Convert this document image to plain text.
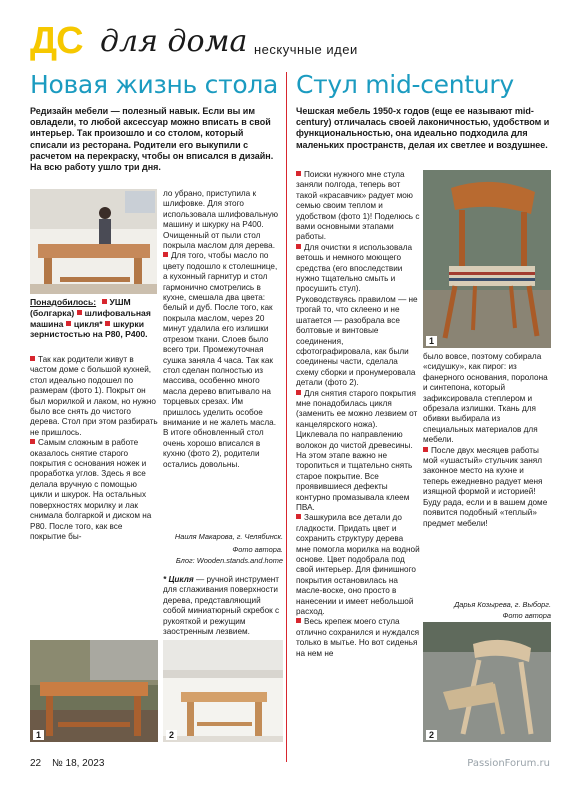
ДС для дома нескучные идеи
Новая жизнь стола Стул mid-century
Редизайн мебели — полезный навык. Если вы им овладели, то любой аксессуар можно вписать в свой интерьер. Так произошло и со столом, который списали из ресторана. Родители его выкупили с расчетом на перекраску, чтобы он вписался в дизайн. На всю работу ушло три дня.
Чешская мебель 1950-х годов (еще ее называют mid-century) отличалась своей лаконичностью, удобством и функциональностью, она идеально подходила для маленьких пространств, делая их светлее и воздушнее.
Понадобилось: УШМ (болгарка) шлифовальная машина цикля* шкурки зернистостью на Р80, Р400.
Так как родители живут в частом доме с большой кухней, стол идеально подошел по размерам (фото 1). Покрыт он был морилкой и лаком, но нужно было все снять до чистого дерева. Стол при этом разбирать не пришлось.
Самым сложным в работе оказалось снятие старого покрытия с основания ножек и проработка углов. Здесь я все делала вручную с помощью цикли и шкурок. На остальных поверхностях морилку и лак снимала болгаркой и диском на Р80. После того, как все покрытие бы-
ло убрано, приступила к шлифовке. Для этого использовала шлифовальную машину и шкурку на Р400. Очищенный от пыли стол покрыла маслом для дерева.
Для того, чтобы масло по цвету подошло к столешнице, а кухонный гарнитур и стол гармонично смотрелись в кухне, смешала два цвета: белый и дуб. После того, как покрыла маслом, через 20 минут удалила его излишки отрезом ткани. Слоев было всего три. Промежуточная сушка заняла 4 часа. Так как стол сделан полностью из массива, особенно много масла дерево впитывало на торцевых срезах. Им пришлось уделить особое внимание и не жалеть масла. В итоге обновленный стол очень хорошо вписался в кухню (фото 2), родители остались довольны.
Наиля Макарова, г. Челябинск.
Фото автора.
Блог: Wooden.stands.and.home
* Цикля — ручной инструмент для сглаживания поверхности дерева, представляющий собой миниатюрный скребок с рукояткой и режущим заостренным лезвием.
1	2
Поиски нужного мне стула заняли полгода, теперь вот такой «красавчик» радует мою семью своим теплом и удобством (фото 1)! Поделюсь с вами основными этапами работы.
Для очистки я использовала ветошь и немного моющего средства (его впоследствии нужно тщательно смыть и просушить стул). Руководствуясь правилом — не трогай то, что склеено и не шатается — разобрала все болтовые и винтовые соединения, сфотографировала, как были соединены части, сделала схему сборки и пронумеровала детали (фото 2).
Для снятия старого покрытия мне понадобилась цикля (заменить ее можно лезвием от канцелярского ножа). Циклевала по направлению волокон до чистой древесины. На этом этапе важно не торопиться и тщательно снять старое покрытие. Все проявившиеся дефекты контурно промазывала клеем ПВА.
Зашкурила все детали до гладкости. Придать цвет и сохранить структуру дерева мне помогла морилка на водной основе. Цвет подобрала под свой интерьер. Для финишного покрытия остановилась на масле-воске, оно просто в нанесении и имеет небольшой расход.
Весь крепеж моего стула отлично сохранился и нуждался только в мытье. Но вот сиденья на нем не
1
было вовсе, поэтому собирала «сидушку», как пирог: из фанерного основания, поролона и синтепона, который зафиксировала степлером и обрезала излишки. Ткань для обивки выбирала из специальных материалов для мебели.
После двух месяцев работы мой «ушастый» стульчик занял законное место на кухне и теперь ежедневно радует меня изящной формой и историей! Буду рада, если и в вашем доме появится подобный «теплый» предмет мебели!
Дарья Козырева, г. Выборг.
Фото автора
2
22 № 18, 2023	PassionForum.ru
